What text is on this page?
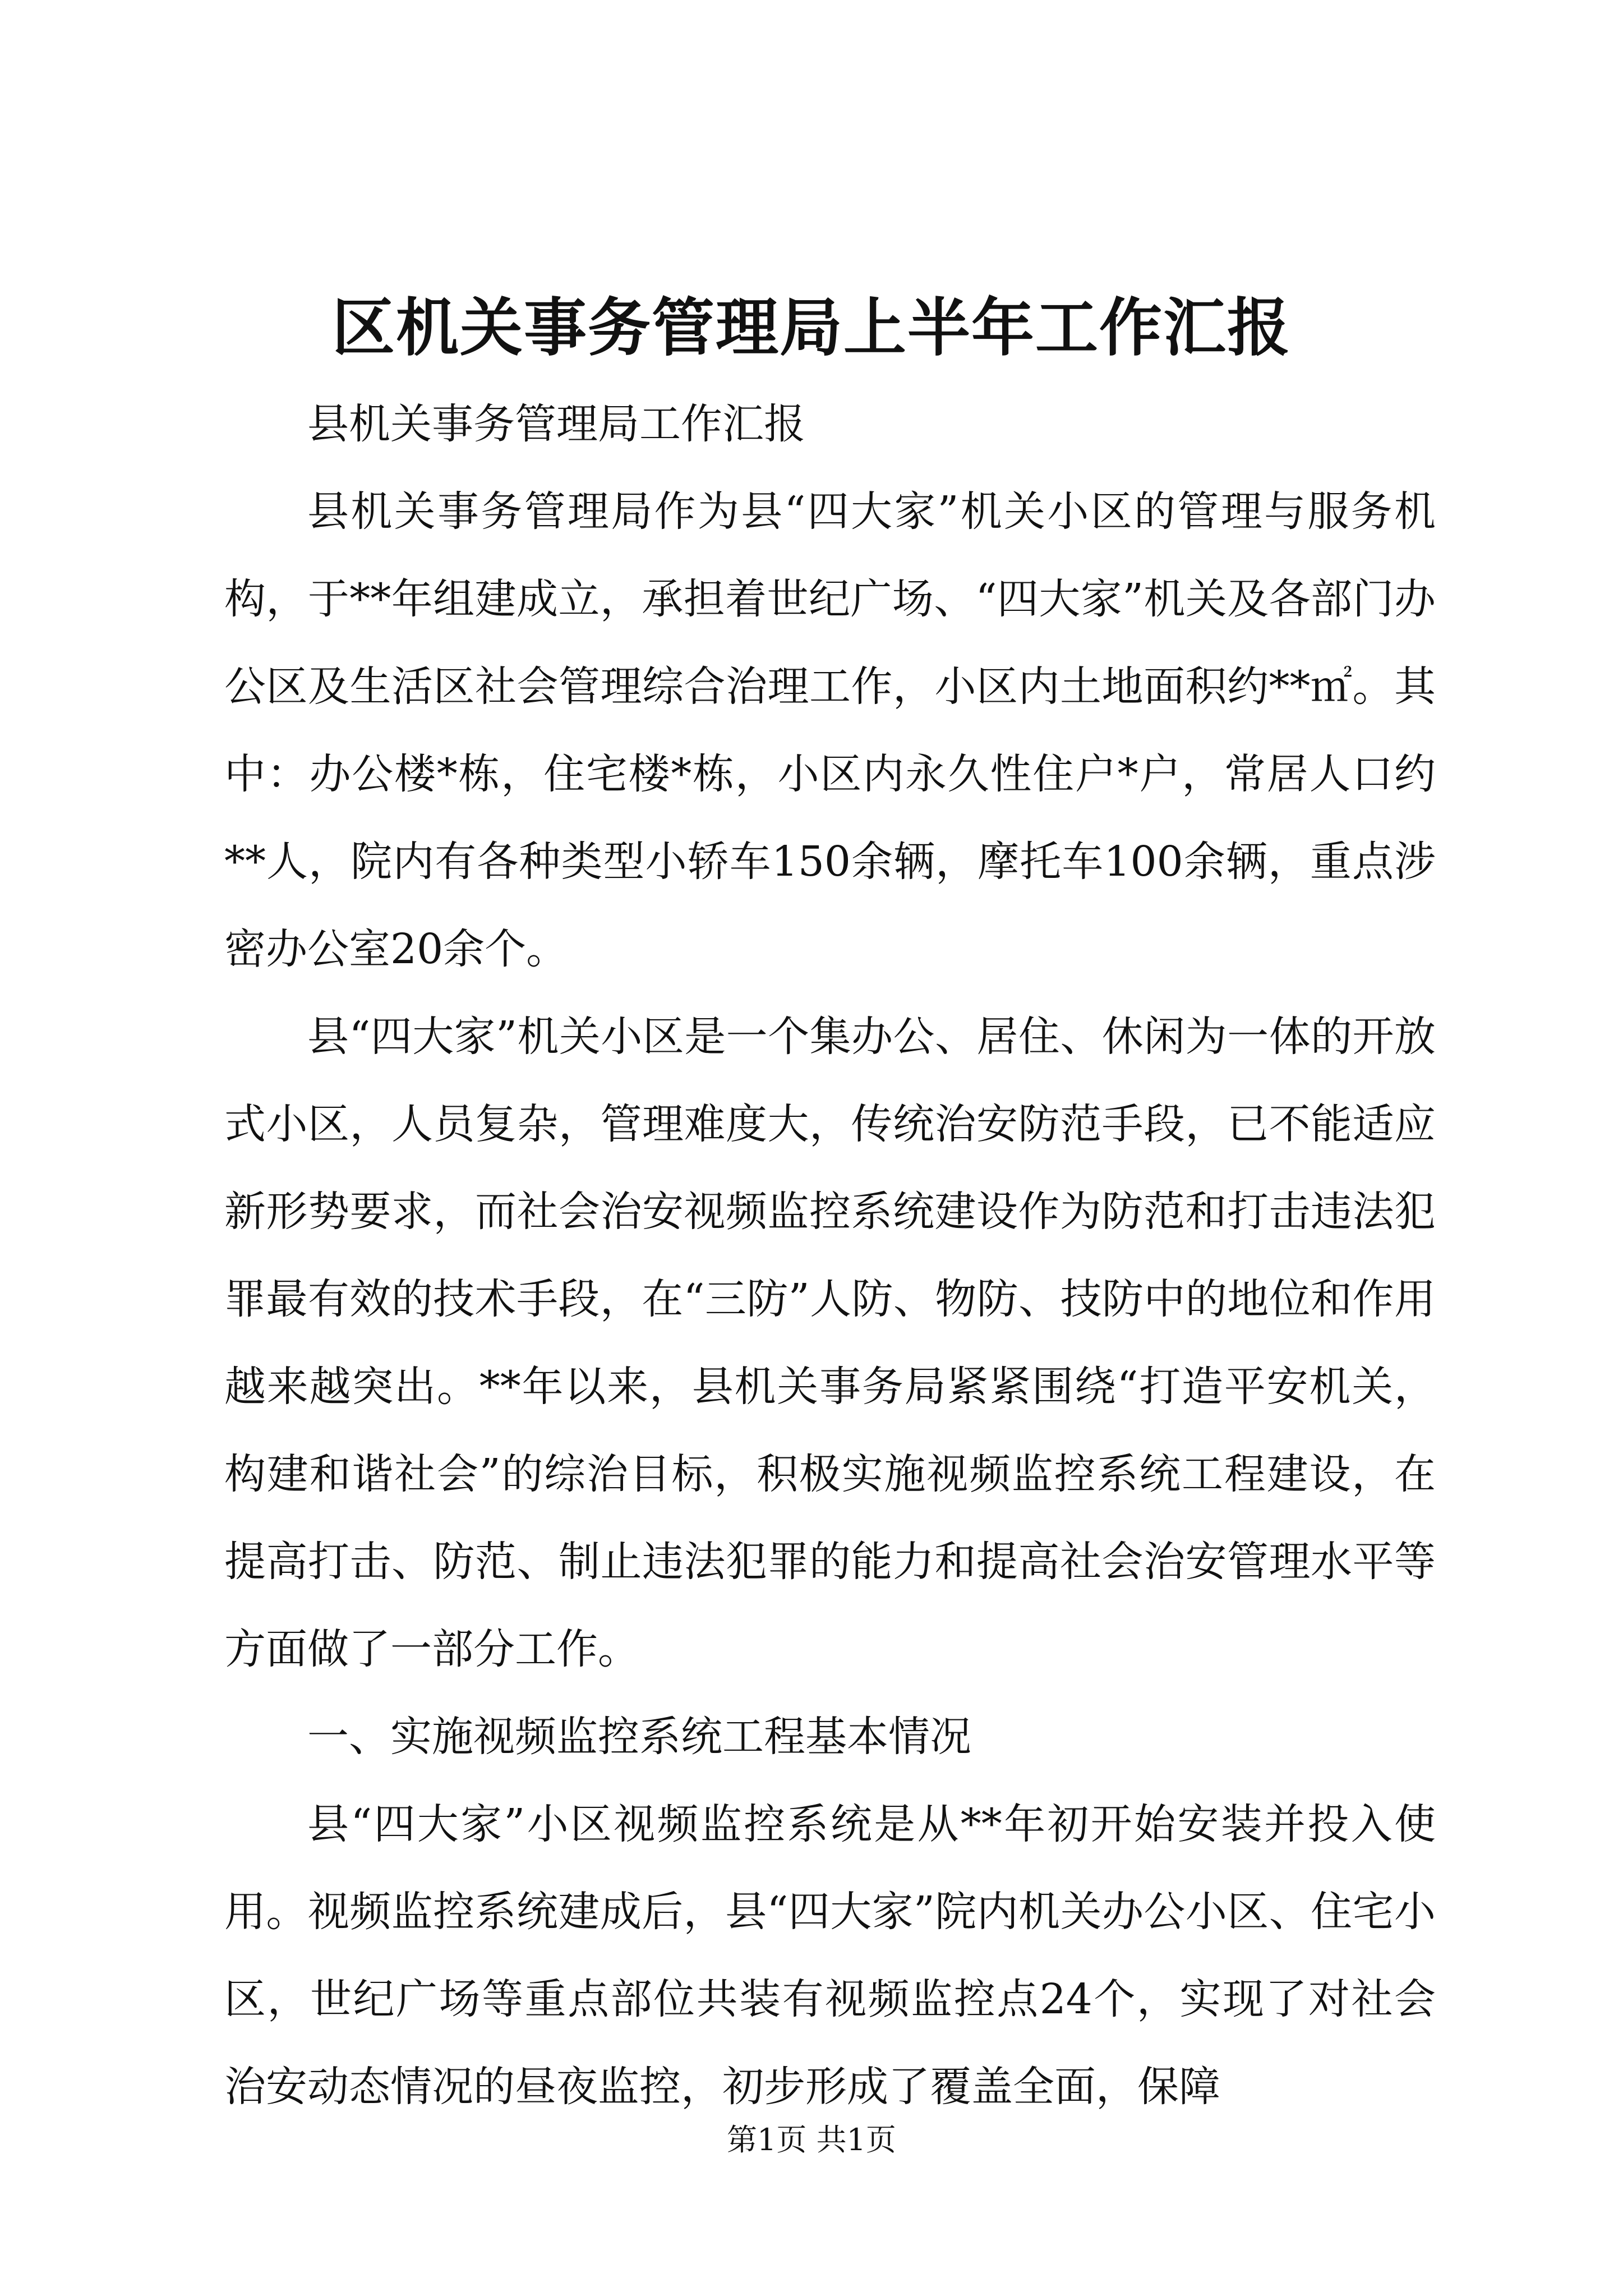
区机关事务管理局上半年工作汇报

县机关事务管理局工作汇报

县机关事务管理局作为县“四大家”机关小区的管理与服务机构，于**年组建成立，承担着世纪广场、“四大家”机关及各部门办公区及生活区社会管理综合治理工作，小区内土地面积约**㎡。其中：办公楼*栋，住宅楼*栋，小区内永久性住户*户，常居人口约**人，院内有各种类型小轿车150余辆，摩托车100余辆，重点涉密办公室20余个。

县“四大家”机关小区是一个集办公、居住、休闲为一体的开放式小区，人员复杂，管理难度大，传统治安防范手段，已不能适应新形势要求，而社会治安视频监控系统建设作为防范和打击违法犯罪最有效的技术手段，在“三防”人防、物防、技防中的地位和作用越来越突出。**年以来，县机关事务局紧紧围绕“打造平安机关，构建和谐社会”的综治目标，积极实施视频监控系统工程建设，在提高打击、防范、制止违法犯罪的能力和提高社会治安管理水平等方面做了一部分工作。

一、实施视频监控系统工程基本情况

县“四大家”小区视频监控系统是从**年初开始安装并投入使用。视频监控系统建成后，县“四大家”院内机关办公小区、住宅小区，世纪广场等重点部位共装有视频监控点24个，实现了对社会治安动态情况的昼夜监控，初步形成了覆盖全面，保障

第1页 共1页
